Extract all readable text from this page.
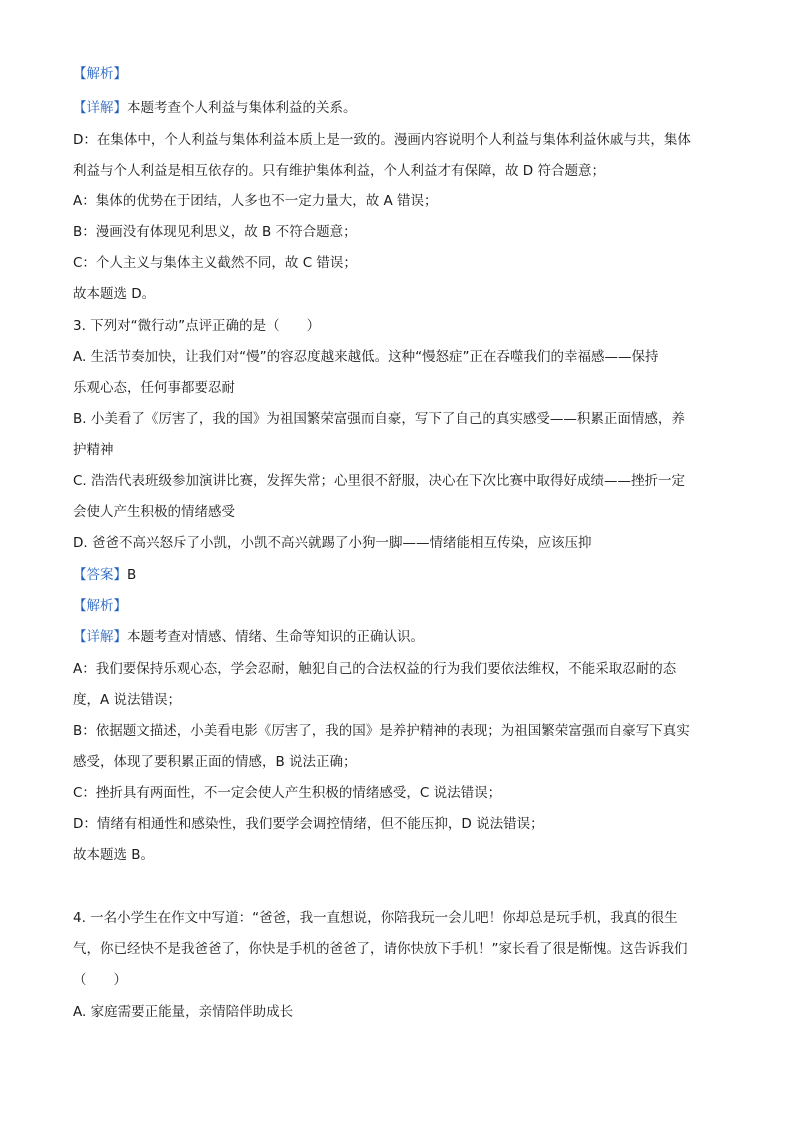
【解析】
【详解】本题考查个人利益与集体利益的关系。
D：在集体中，个人利益与集体利益本质上是一致的。漫画内容说明个人利益与集体利益休戚与共，集体
利益与个人利益是相互依存的。只有维护集体利益，个人利益才有保障，故 D 符合题意；
A：集体的优势在于团结，人多也不一定力量大，故 A 错误；
B：漫画没有体现见利思义，故 B 不符合题意；
C：个人主义与集体主义截然不同，故 C 错误；
故本题选 D。
3. 下列对“微行动”点评正确的是（　　）
A. 生活节奏加快，让我们对“慢”的容忍度越来越低。这种“慢怒症”正在吞噬我们的幸福感——保持
乐观心态，任何事都要忍耐
B. 小美看了《厉害了，我的国》为祖国繁荣富强而自豪，写下了自己的真实感受——积累正面情感，养
护精神
C. 浩浩代表班级参加演讲比赛，发挥失常；心里很不舒服，决心在下次比赛中取得好成绩——挫折一定
会使人产生积极的情绪感受
D. 爸爸不高兴怒斥了小凯，小凯不高兴就踢了小狗一脚——情绪能相互传染，应该压抑
【答案】B
【解析】
【详解】本题考查对情感、情绪、生命等知识的正确认识。
A：我们要保持乐观心态，学会忍耐，触犯自己的合法权益的行为我们要依法维权，不能采取忍耐的态
度，A 说法错误；
B：依据题文描述，小美看电影《厉害了，我的国》是养护精神的表现；为祖国繁荣富强而自豪写下真实
感受，体现了要积累正面的情感，B 说法正确；
C：挫折具有两面性，不一定会使人产生积极的情绪感受，C 说法错误；
D：情绪有相通性和感染性，我们要学会调控情绪，但不能压抑，D 说法错误；
故本题选 B。
4. 一名小学生在作文中写道：“爸爸，我一直想说，你陪我玩一会儿吧！你却总是玩手机，我真的很生
气，你已经快不是我爸爸了，你快是手机的爸爸了，请你快放下手机！”家长看了很是惭愧。这告诉我们
（　　）
A. 家庭需要正能量，亲情陪伴助成长
